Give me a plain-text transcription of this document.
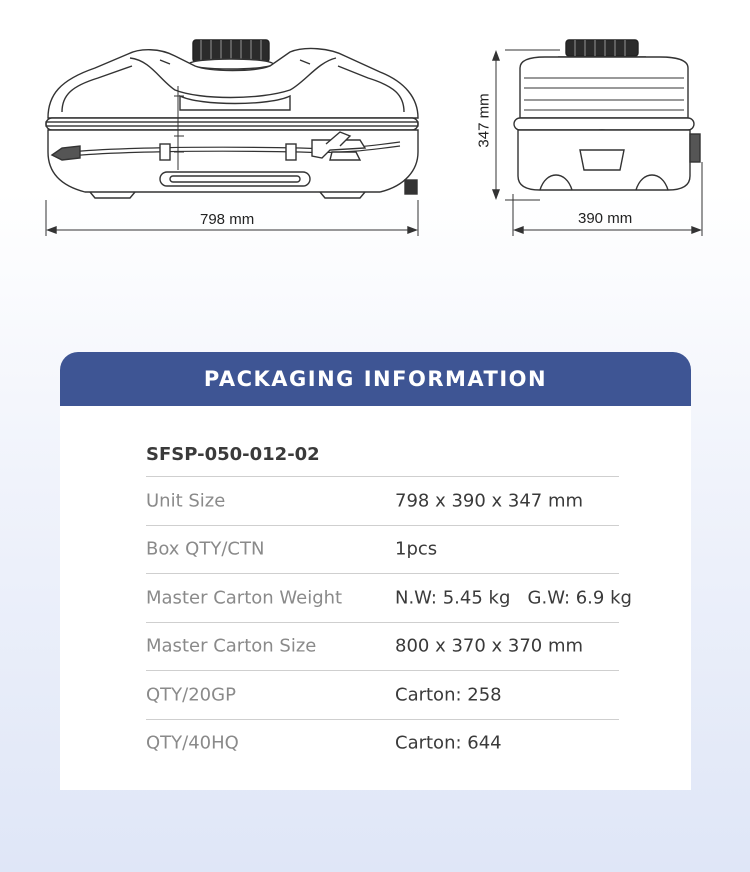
798 mm
347 mm
390 mm
PACKAGING INFORMATION
SFSP-050-012-02
Unit Size	798 x 390 x 347 mm
Box QTY/CTN	1pcs
Master Carton Weight	N.W: 5.45 kg   G.W: 6.9 kg
Master Carton Size	800 x 370 x 370 mm
QTY/20GP	Carton: 258
QTY/40HQ	Carton: 644
